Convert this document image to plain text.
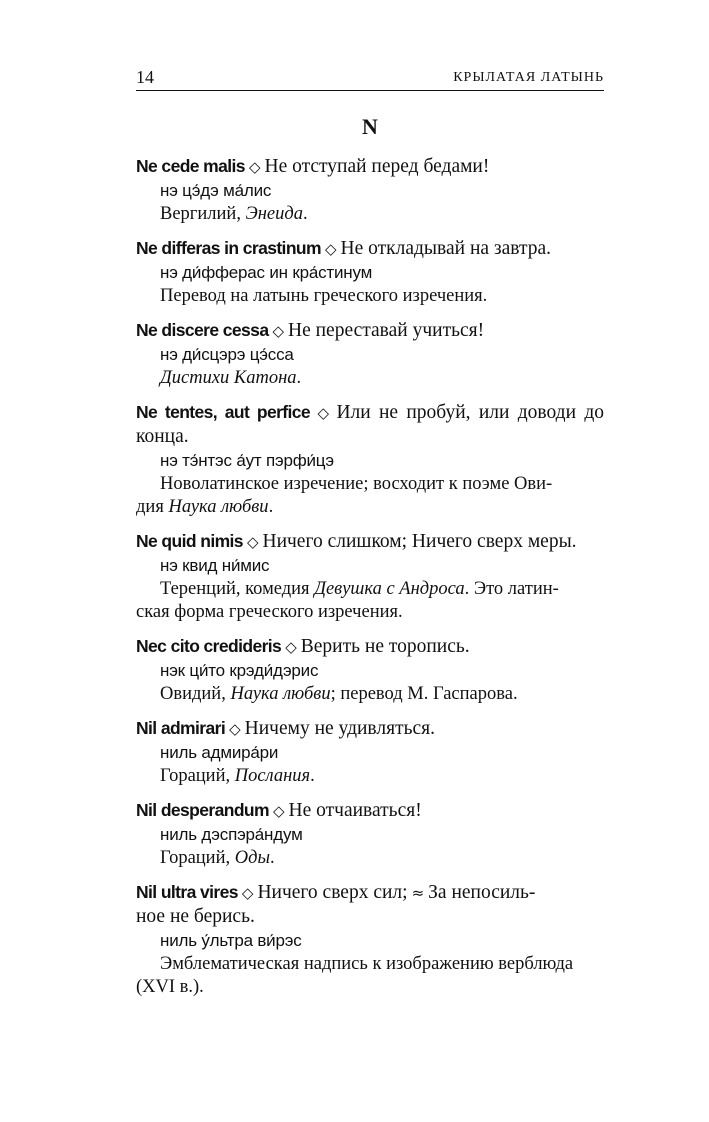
14	КРЫЛАТАЯ ЛАТЫНЬ
N
Ne cede malis ◇ Не отступай перед бедами!
нэ цэ́дэ ма́лис
Вергилий, Энеида.
Ne differas in crastinum ◇ Не откладывай на завтра.
нэ ди́фферас ин кра́стинум
Перевод на латынь греческого изречения.
Ne discere cessa ◇ Не переставай учиться!
нэ ди́сцэрэ цэ́сса
Дистихи Катона.
Ne tentes, aut perfice ◇ Или не пробуй, или доводи до конца.
нэ тэ́нтэс а́ут пэрфи́цэ
Новолатинское изречение; восходит к поэме Ови-
дия Наука любви.
Ne quid nimis ◇ Ничего слишком; Ничего сверх меры.
нэ квид ни́мис
Теренций, комедия Девушка с Андроса. Это латин-
ская форма греческого изречения.
Nec cito credideris ◇ Верить не торопись.
нэк ци́то крэди́дэрис
Овидий, Наука любви; перевод М. Гаспарова.
Nil admirari ◇ Ничему не удивляться.
ниль адмира́ри
Гораций, Послания.
Nil desperandum ◇ Не отчаиваться!
ниль дэспэра́ндум
Гораций, Оды.
Nil ultra vires ◇ Ничего сверх сил; ≈ За непосиль-
ное не берись.
ниль у́льтра ви́рэс
Эмблематическая надпись к изображению верблюда
(XVI в.).
